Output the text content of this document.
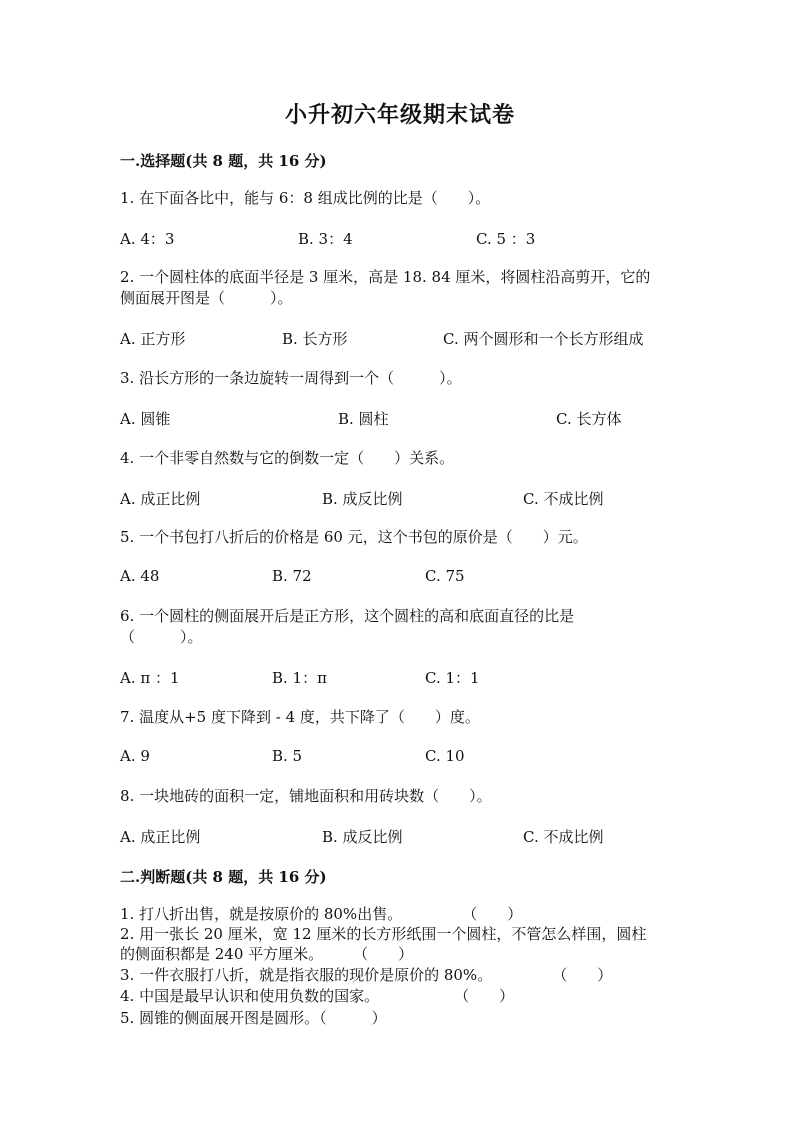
小升初六年级期末试卷
一.选择题(共 8 题，共 16 分)
1. 在下面各比中，能与 6：8 组成比例的比是（　　）。
A. 4：3	B. 3：4	C. 5 ：3
2. 一个圆柱体的底面半径是 3 厘米，高是 18. 84 厘米，将圆柱沿高剪开，它的
侧面展开图是（　　　）。
A. 正方形	B. 长方形	C. 两个圆形和一个长方形组成
3. 沿长方形的一条边旋转一周得到一个（　　　）。
A. 圆锥	B. 圆柱	C. 长方体
4. 一个非零自然数与它的倒数一定（　　）关系。
A. 成正比例	B. 成反比例	C. 不成比例
5. 一个书包打八折后的价格是 60 元，这个书包的原价是（　　）元。
A. 48	B. 72	C. 75
6. 一个圆柱的侧面展开后是正方形，这个圆柱的高和底面直径的比是
（　　　）。
A. π ：1	B. 1：π	C. 1：1
7. 温度从+5 度下降到 - 4 度，共下降了（　　）度。
A. 9	B. 5	C. 10
8. 一块地砖的面积一定，铺地面积和用砖块数（　　）。
A. 成正比例	B. 成反比例	C. 不成比例
二.判断题(共 8 题，共 16 分)
1. 打八折出售，就是按原价的 80%出售。　　　　　（　　）
2. 用一张长 20 厘米，宽 12 厘米的长方形纸围一个圆柱，不管怎么样围，圆柱
的侧面积都是 240 平方厘米。　　　（　　）
3. 一件衣服打八折，就是指衣服的现价是原价的 80%。　　　　　（　　）
4. 中国是最早认识和使用负数的国家。　　　　　　（　　）
5. 圆锥的侧面展开图是圆形。（　　　）
